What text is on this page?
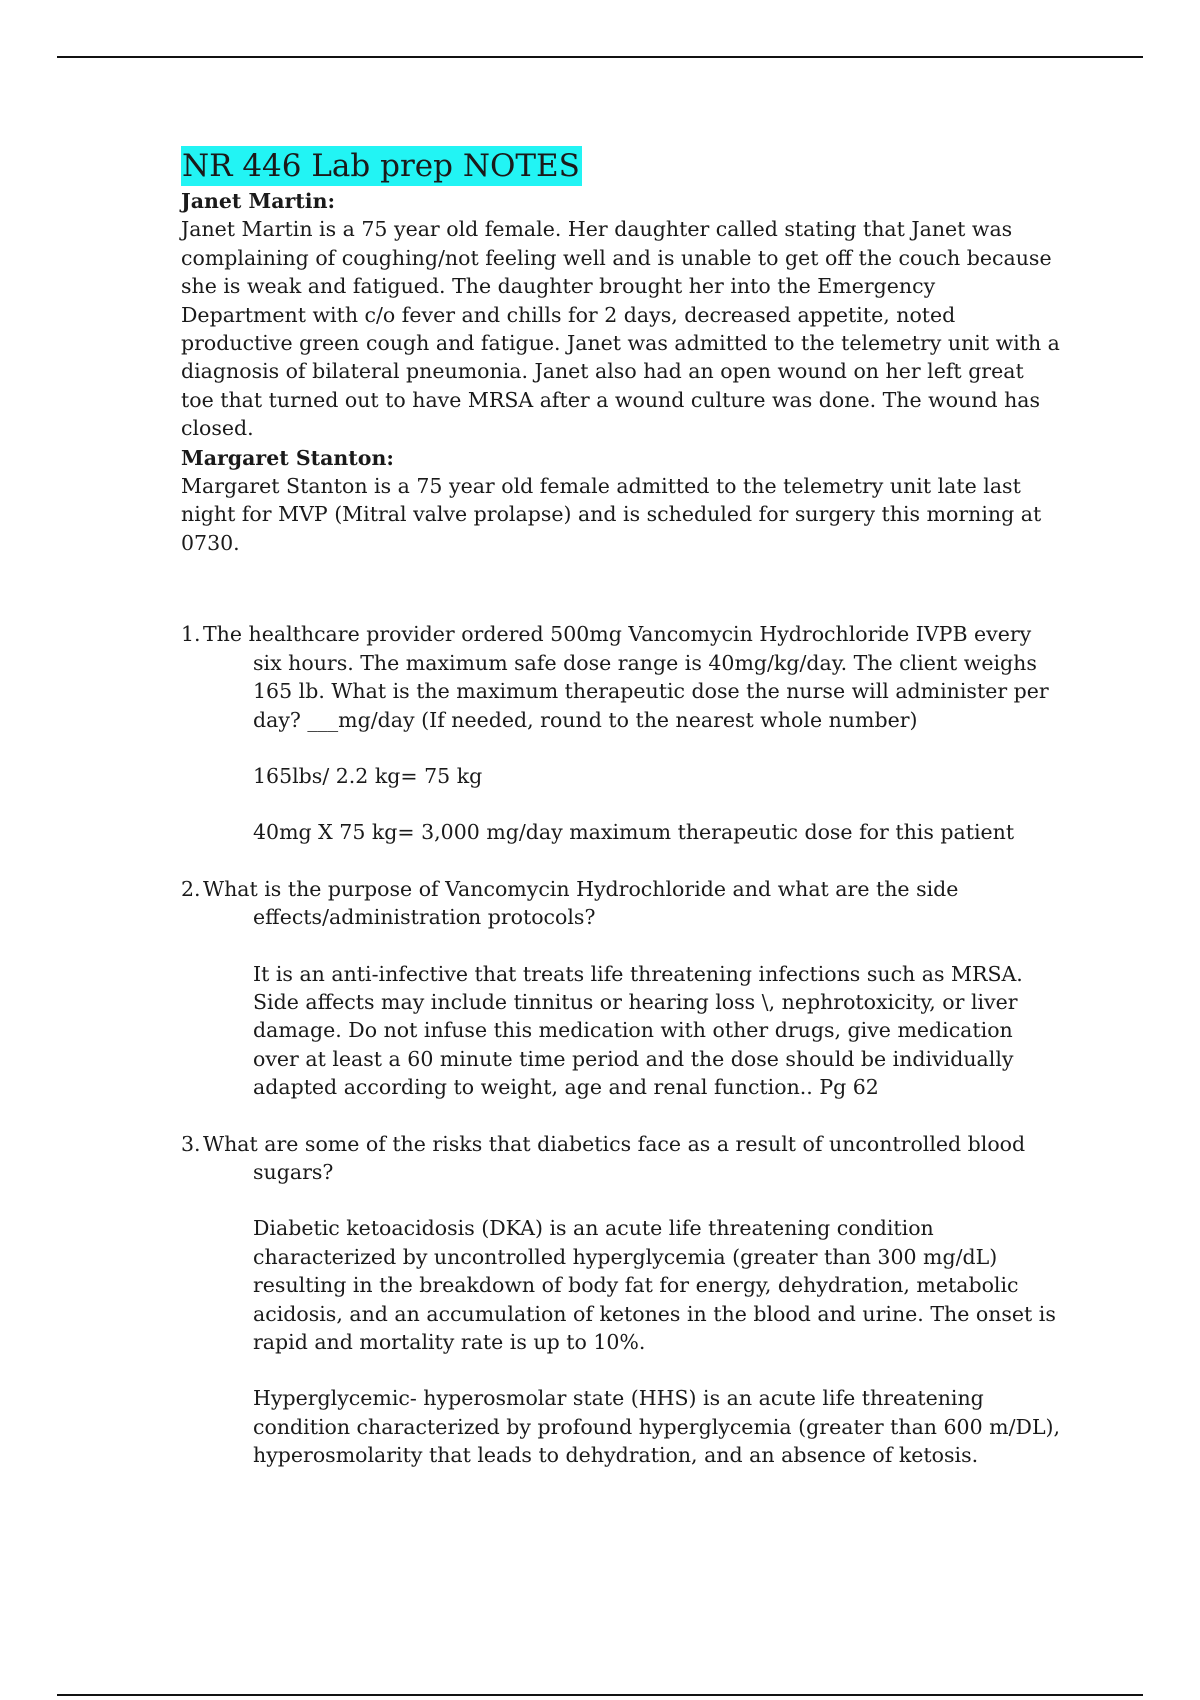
NR 446 Lab prep NOTES

Janet Martin:

Janet Martin is a 75 year old female. Her daughter called stating that Janet was complaining of coughing/not feeling well and is unable to get off the couch because she is weak and fatigued. The daughter brought her into the Emergency Department with c/o fever and chills for 2 days, decreased appetite, noted productive green cough and fatigue. Janet was admitted to the telemetry unit with a diagnosis of bilateral pneumonia. Janet also had an open wound on her left great toe that turned out to have MRSA after a wound culture was done. The wound has closed.

Margaret Stanton:

Margaret Stanton is a 75 year old female admitted to the telemetry unit late last night for MVP (Mitral valve prolapse) and is scheduled for surgery this morning at 0730.

1. The healthcare provider ordered 500mg Vancomycin Hydrochloride IVPB every six hours. The maximum safe dose range is 40mg/kg/day. The client weighs 165 lb. What is the maximum therapeutic dose the nurse will administer per day? ___mg/day (If needed, round to the nearest whole number)

165lbs/ 2.2 kg= 75 kg

40mg X 75 kg= 3,000 mg/day maximum therapeutic dose for this patient

2. What is the purpose of Vancomycin Hydrochloride and what are the side effects/administration protocols?

It is an anti-infective that treats life threatening infections such as MRSA. Side affects may include tinnitus or hearing loss \, nephrotoxicity, or liver damage. Do not infuse this medication with other drugs, give medication over at least a 60 minute time period and the dose should be individually adapted according to weight, age and renal function.. Pg 62

3. What are some of the risks that diabetics face as a result of uncontrolled blood sugars?

Diabetic ketoacidosis (DKA) is an acute life threatening condition characterized by uncontrolled hyperglycemia (greater than 300 mg/dL) resulting in the breakdown of body fat for energy, dehydration, metabolic acidosis, and an accumulation of ketones in the blood and urine. The onset is rapid and mortality rate is up to 10%.

Hyperglycemic- hyperosmolar state (HHS) is an acute life threatening condition characterized by profound hyperglycemia (greater than 600 m/DL), hyperosmolarity that leads to dehydration, and an absence of ketosis.
